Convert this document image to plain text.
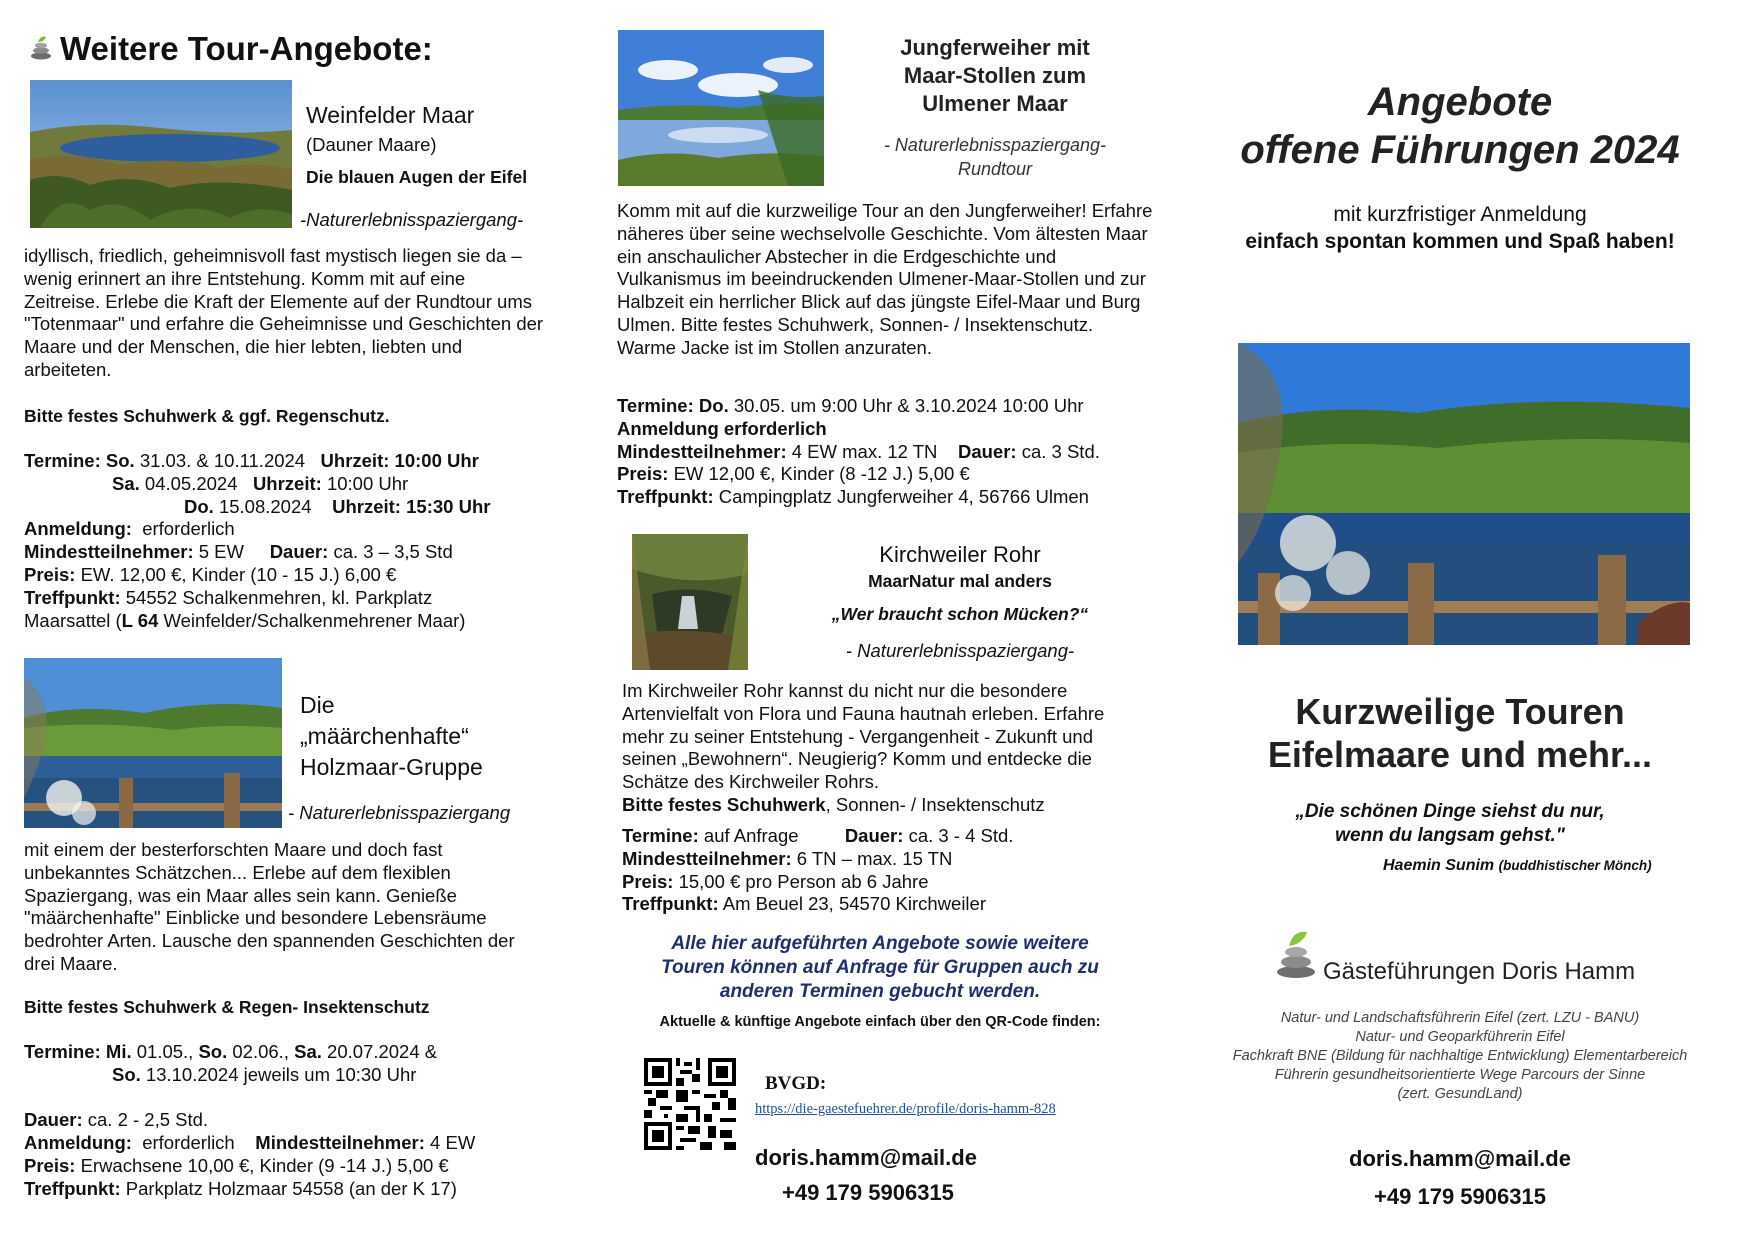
Weitere Tour-Angebote:
Weinfelder Maar
(Dauner Maare)
Die blauen Augen der Eifel
-Naturerlebnisspaziergang-

idyllisch, friedlich, geheimnisvoll fast mystisch liegen sie da – wenig erinnert an ihre Entstehung. Komm mit auf eine Zeitreise. Erlebe die Kraft der Elemente auf der Rundtour ums "Totenmaar" und erfahre die Geheimnisse und Geschichten der Maare und der Menschen, die hier lebten, liebten und arbeiteten.

Bitte festes Schuhwerk & ggf. Regenschutz.

Termine: So. 31.03. & 10.11.2024 Uhrzeit: 10:00 Uhr
Sa. 04.05.2024 Uhrzeit: 10:00 Uhr
Do. 15.08.2024 Uhrzeit: 15:30 Uhr
Anmeldung: erforderlich
Mindestteilnehmer: 5 EW Dauer: ca. 3 – 3,5 Std
Preis: EW. 12,00 €, Kinder (10 - 15 J.) 6,00 €
Treffpunkt: 54552 Schalkenmehren, kl. Parkplatz
Maarsattel (L 64 Weinfelder/Schalkenmehrener Maar)
Die
„määrchenhafte“
Holzmaar-Gruppe
- Naturerlebnisspaziergang

mit einem der besterforschten Maare und doch fast unbekanntes Schätzchen... Erlebe auf dem flexiblen Spaziergang, was ein Maar alles sein kann. Genieße "määrchenhafte" Einblicke und besondere Lebensräume bedrohter Arten. Lausche den spannenden Geschichten der drei Maare.

Bitte festes Schuhwerk & Regen- Insektenschutz

Termine: Mi. 01.05., So. 02.06., Sa. 20.07.2024 &
So. 13.10.2024 jeweils um 10:30 Uhr

Dauer: ca. 2 - 2,5 Std.
Anmeldung: erforderlich Mindestteilnehmer: 4 EW
Preis: Erwachsene 10,00 €, Kinder (9 -14 J.) 5,00 €
Treffpunkt: Parkplatz Holzmaar 54558 (an der K 17)
Jungferweiher mit
Maar-Stollen zum
Ulmener Maar
- Naturerlebnisspaziergang-
Rundtour

Komm mit auf die kurzweilige Tour an den Jungferweiher! Erfahre näheres über seine wechselvolle Geschichte. Vom ältesten Maar ein anschaulicher Abstecher in die Erdgeschichte und Vulkanismus im beeindruckenden Ulmener-Maar-Stollen und zur Halbzeit ein herrlicher Blick auf das jüngste Eifel-Maar und Burg Ulmen. Bitte festes Schuhwerk, Sonnen- / Insektenschutz. Warme Jacke ist im Stollen anzuraten.

Termine: Do. 30.05. um 9:00 Uhr & 3.10.2024 10:00 Uhr
Anmeldung erforderlich
Mindestteilnehmer: 4 EW max. 12 TN Dauer: ca. 3 Std.
Preis: EW 12,00 €, Kinder (8 -12 J.) 5,00 €
Treffpunkt: Campingplatz Jungferweiher 4, 56766 Ulmen
Kirchweiler Rohr
MaarNatur mal anders
„Wer braucht schon Mücken?“
- Naturerlebnisspaziergang-

Im Kirchweiler Rohr kannst du nicht nur die besondere Artenvielfalt von Flora und Fauna hautnah erleben. Erfahre mehr zu seiner Entstehung - Vergangenheit - Zukunft und seinen „Bewohnern“. Neugierig? Komm und entdecke die Schätze des Kirchweiler Rohrs.

Bitte festes Schuhwerk, Sonnen- / Insektenschutz
Termine: auf Anfrage	Dauer: ca. 3 - 4 Std.
Mindestteilnehmer: 6 TN – max. 15 TN
Preis: 15,00 € pro Person ab 6 Jahre
Treffpunkt: Am Beuel 23, 54570 Kirchweiler
Alle hier aufgeführten Angebote sowie weitere
Touren können auf Anfrage für Gruppen auch zu
anderen Terminen gebucht werden.
Aktuelle & künftige Angebote einfach über den QR-Code finden:
BVGD:
https://die-gaestefuehrer.de/profile/doris-hamm-828
doris.hamm@mail.de
+49 179 5906315
Angebote
offene Führungen 2024
mit kurzfristiger Anmeldung
einfach spontan kommen und Spaß haben!
Kurzweilige Touren
Eifelmaare und mehr...
„Die schönen Dinge siehst du nur,
wenn du langsam gehst."
Haemin Sunim (buddhistischer Mönch)
Gästeführungen Doris Hamm
Natur- und Landschaftsführerin Eifel (zert. LZU - BANU)
Natur- und Geoparkführerin Eifel
Fachkraft BNE (Bildung für nachhaltige Entwicklung) Elementarbereich
Führerin gesundheitsorientierte Wege Parcours der Sinne
(zert. GesundLand)
doris.hamm@mail.de
+49 179 5906315
